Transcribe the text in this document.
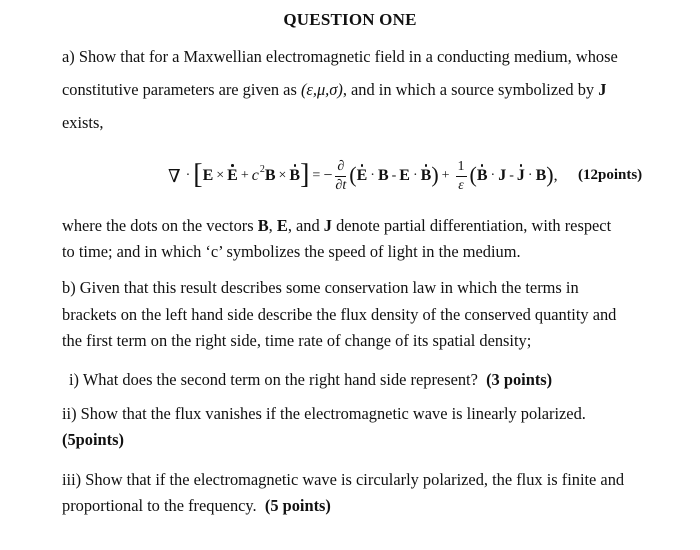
QUESTION ONE
a) Show that for a Maxwellian electromagnetic field in a conducting medium, whose
constitutive parameters are given as (ε,μ,σ), and in which a source symbolized by J
exists,
∇ · [ E × E + c 2 B × B ] = − $\frac{\partial}{\partial t}$ ( E · B - E · B ) + $\frac{1}{\varepsilon}$ ( B · J - J · B ) , (12points)
where the dots on the vectors B, E, and J denote partial differentiation, with respect
to time; and in which ‘c’ symbolizes the speed of light in the medium.
b) Given that this result describes some conservation law in which the terms in
brackets on the left hand side describe the flux density of the conserved quantity and
the first term on the right side, time rate of change of its spatial density;
i) What does the second term on the right hand side represent? (3 points)
ii) Show that the flux vanishes if the electromagnetic wave is linearly polarized.
(5points)
iii) Show that if the electromagnetic wave is circularly polarized, the flux is finite and
proportional to the frequency. (5 points)
